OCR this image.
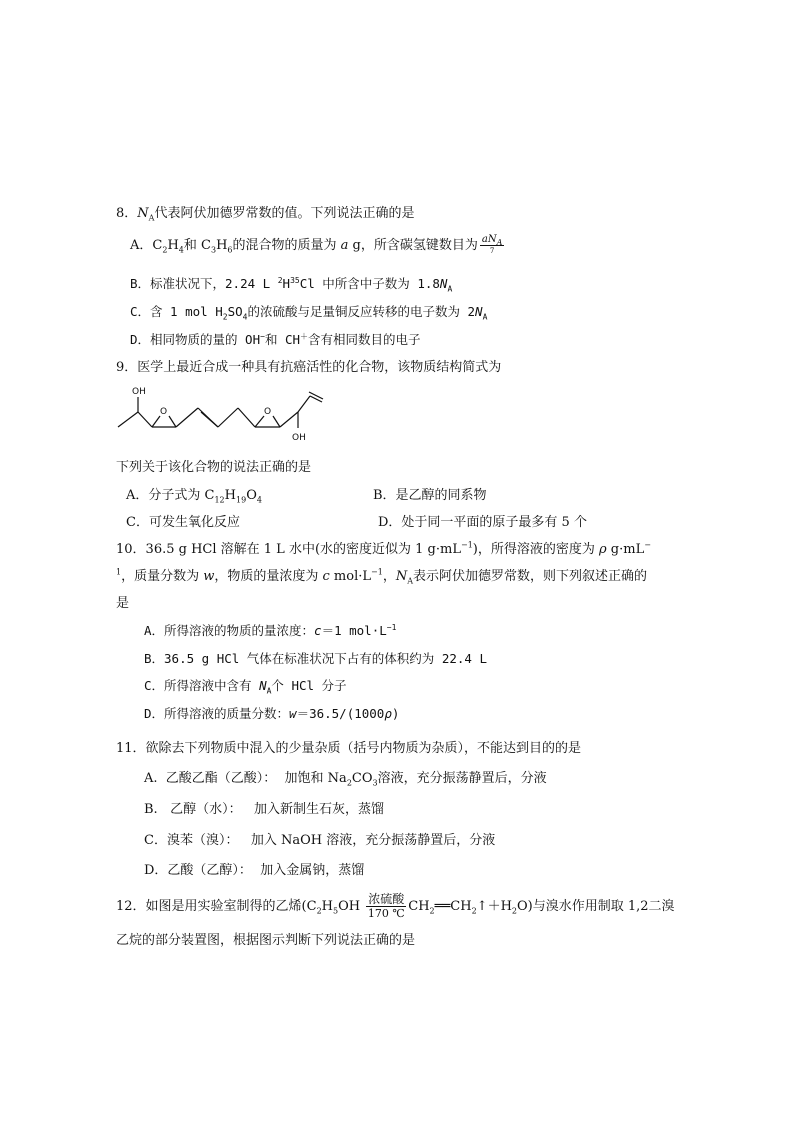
8．$N_A$代表阿伏加德罗常数的值。下列说法正确的是
A．$C_2H_4$和 $C_3H_6$的混合物的质量为 a g，所含碳氢键数目为 $\frac{aN_A}{7}$
B．标准状况下，2.24 L $^2H^{35}Cl$ 中所含中子数为 $1.8N_A$
C．含 1 mol $H_2SO_4$的浓硫酸与足量铜反应转移的电子数为 $2N_A$
D．相同物质的量的 OH−和 CH＋含有相同数目的电子
9．医学上最近合成一种具有抗癌活性的化合物，该物质结构简式为
OH
O	O
OH
下列关于该化合物的说法正确的是
A．分子式为 $C_{12}H_{19}O_4$	B．是乙醇的同系物
C．可发生氧化反应	D．处于同一平面的原子最多有 5 个
10．36.5 g HCl 溶解在 1 L 水中(水的密度近似为 1 $g\cdot mL^{-1}$)，所得溶液的密度为 ρ g·mL−
$^1$，质量分数为 w，物质的量浓度为 c $mol\cdot L^{-1}$，$N_A$表示阿伏加德罗常数，则下列叙述正确的
是
A．所得溶液的物质的量浓度：c＝1 $mol\cdot L^{-1}$
B．36.5 g HCl 气体在标准状况下占有的体积约为 22.4 L
C．所得溶液中含有 $N_A$个 HCl 分子
D．所得溶液的质量分数：w＝36.5/(1000ρ)
11．欲除去下列物质中混入的少量杂质（括号内物质为杂质），不能达到目的的是
A.  乙酸乙酯（乙酸）：  加饱和 $Na_2CO_3$溶液，充分振荡静置后，分液
B.   乙醇（水）：   加入新制生石灰，蒸馏
C．溴苯（溴）：   加入 NaOH 溶液，充分振荡静置后，分液
D．乙酸（乙醇）：  加入金属钠，蒸馏
12．如图是用实验室制得的乙烯($C_2H_5OH$ 浓硫酸
170 ℃ $CH_2══CH_2↑+H_2O$)与溴水作用制取 1,2二溴
乙烷的部分装置图，根据图示判断下列说法正确的是
